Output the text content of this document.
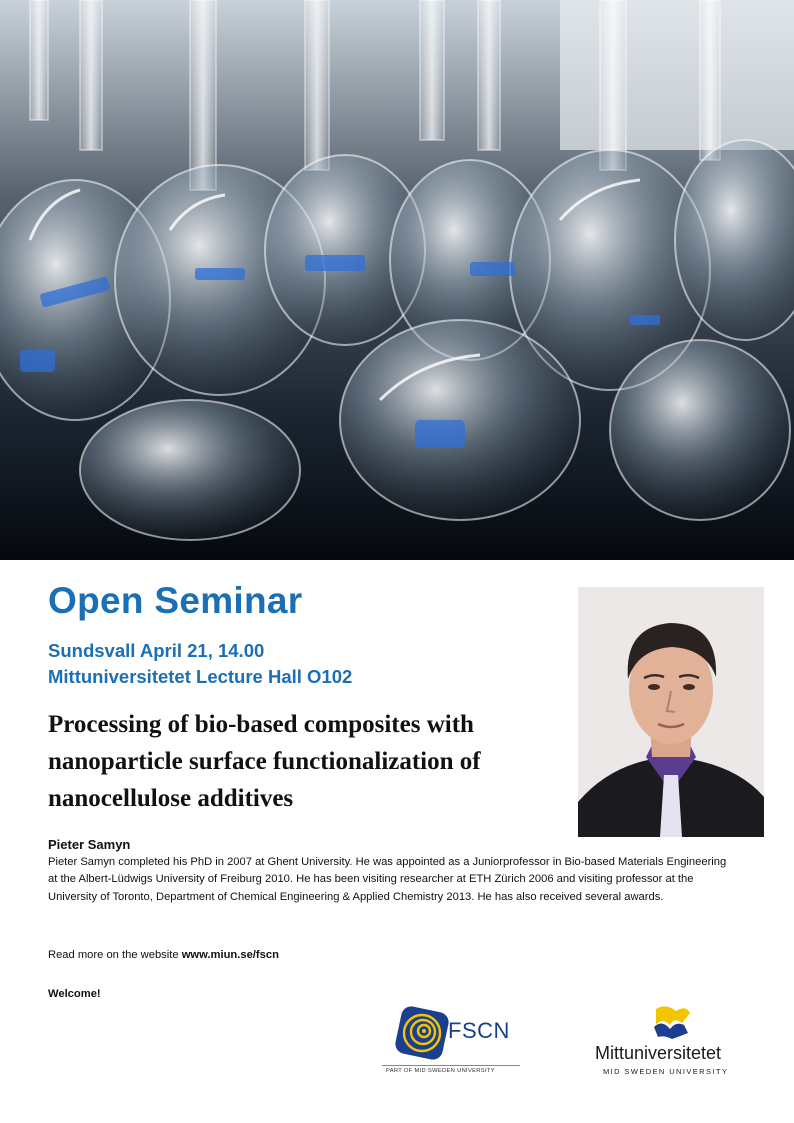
Open Seminar
Sundsvall April 21, 14.00
Mittuniversitetet Lecture Hall O102
Processing of bio-based composites with nanoparticle surface functionalization of nanocellulose additives
Pieter Samyn

Pieter Samyn completed his PhD in 2007 at Ghent University. He was appointed as a Juniorprofessor in Bio-based Materials Engineering at the Albert-Lüdwigs University of Freiburg 2010. He has been visiting researcher at ETH Zürich 2006 and visiting professor at the University of Toronto, Department of Chemical Engineering & Applied Chemistry 2013. He has also received several awards.

Read more on the website www.miun.se/fscn
Welcome!
FSCN
PART OF MID SWEDEN UNIVERSITY
Mittuniversitetet
MID SWEDEN UNIVERSITY
